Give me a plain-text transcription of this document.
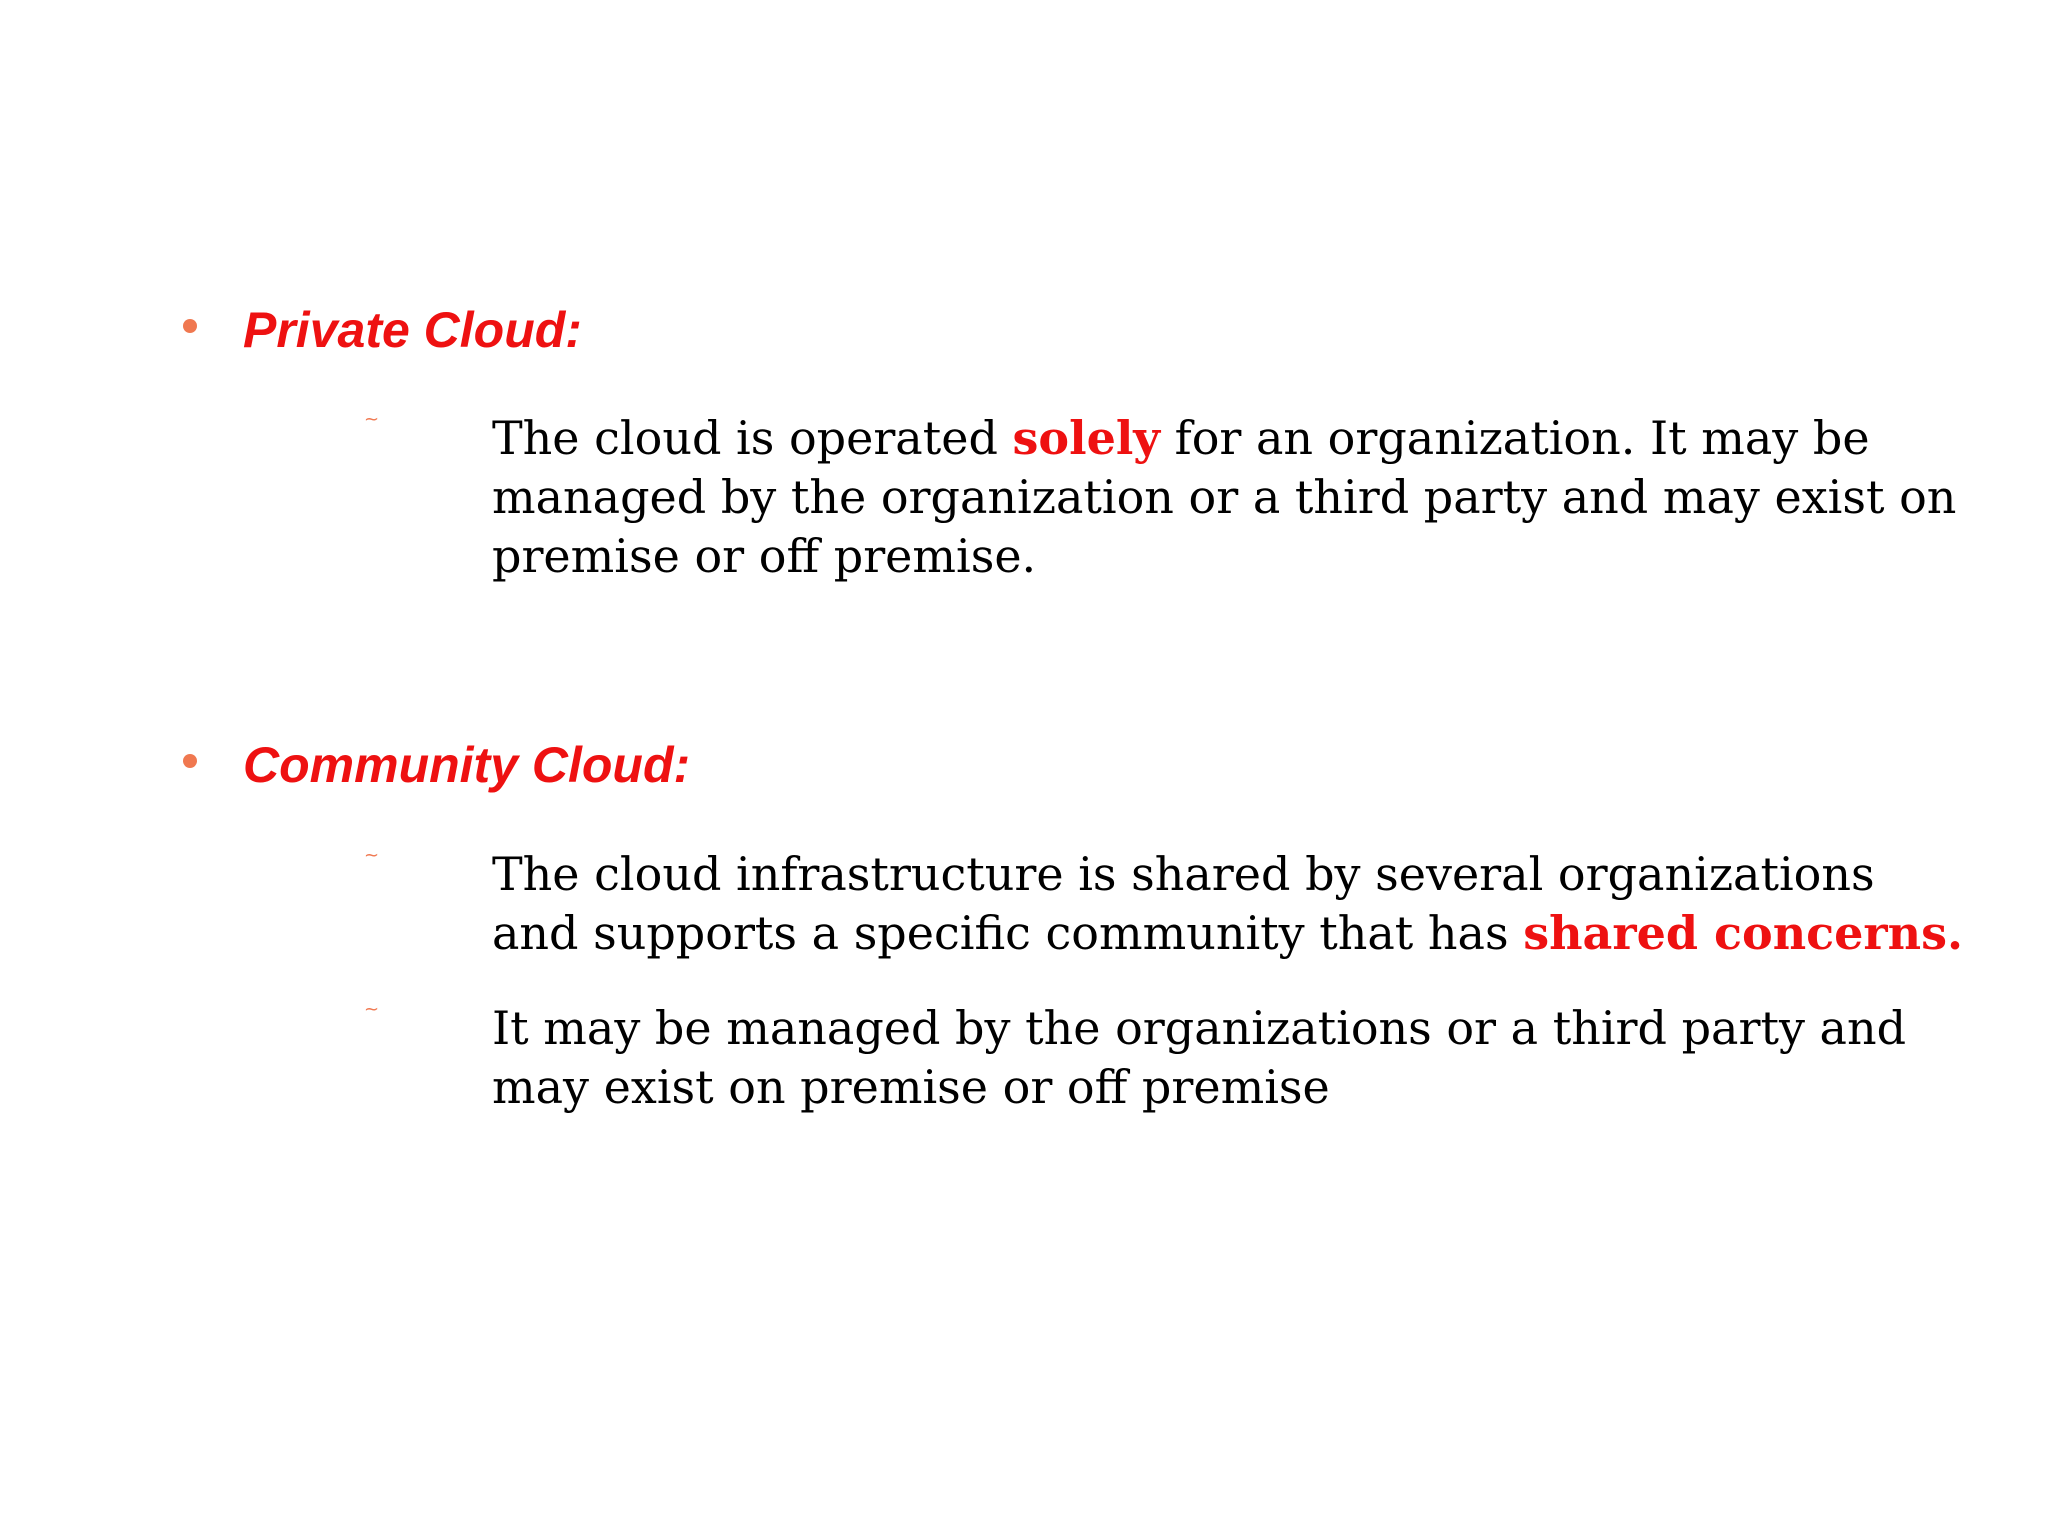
Private Cloud:
~ The cloud is operated solely for an organization. It may be managed by the organization or a third party and may exist on premise or off premise.
Community Cloud:
~ The cloud infrastructure is shared by several organizations and supports a specific community that has shared concerns.
~ It may be managed by the organizations or a third party and may exist on premise or off premise
